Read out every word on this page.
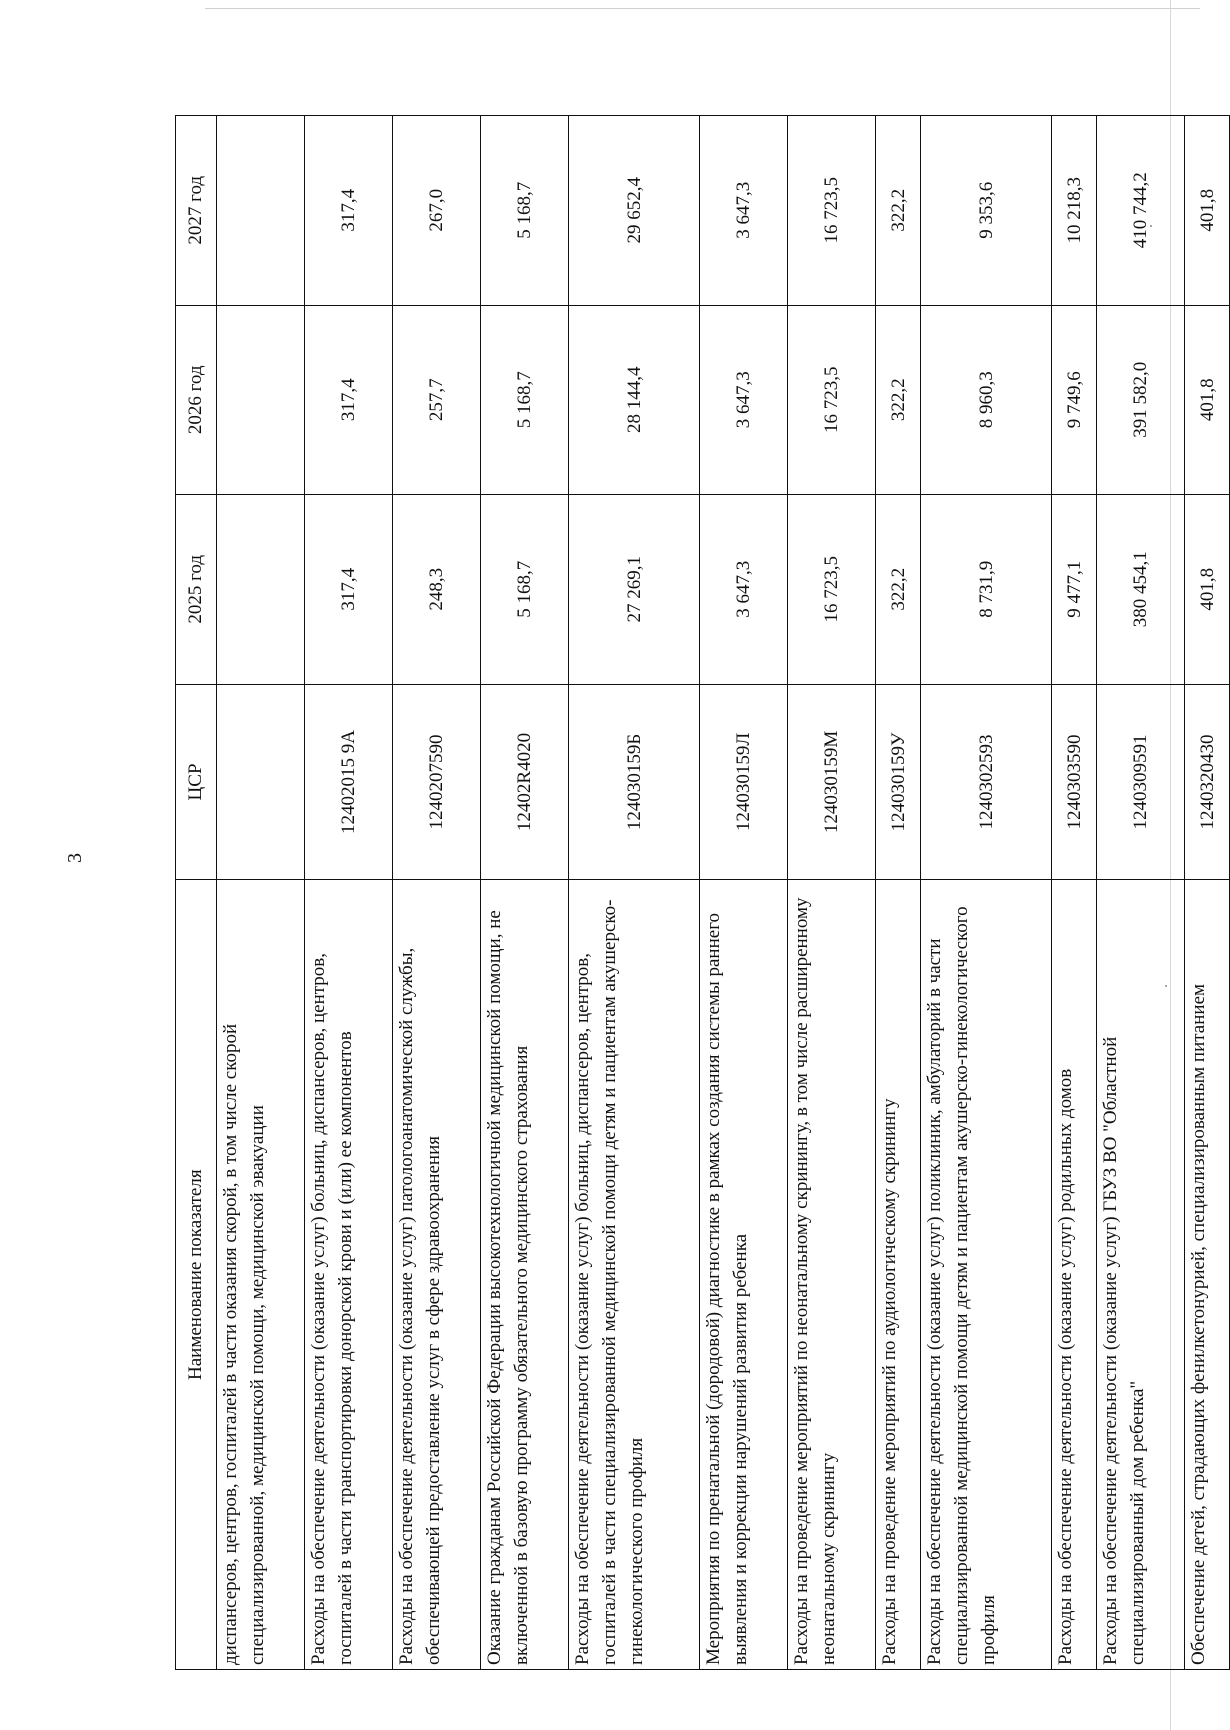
3
Наименование показателя	ЦСР	2025 год	2026 год	2027 год
диспансеров, центров, госпиталей в части оказания скорой, в том числе скорой специализированной, медицинской помощи, медицинской эвакуации				
Расходы на обеспечение деятельности (оказание услуг) больниц, диспансеров, центров, госпиталей в части транспортировки донорской крови и (или) ее компонентов	12402015 9А	317,4	317,4	317,4
Расходы на обеспечение деятельности (оказание услуг) патологоанатомической службы, обеспечивающей предоставление услуг в сфере здравоохранения	1240207590	248,3	257,7	267,0
Оказание гражданам Российской Федерации высокотехнологичной медицинской помощи, не включенной в базовую программу обязательного медицинского страхования	12402R4020	5 168,7	5 168,7	5 168,7
Расходы на обеспечение деятельности (оказание услуг) больниц, диспансеров, центров, госпиталей в части специализированной медицинской помощи детям и пациентам акушерско-гинекологического профиля	124030159Б	27 269,1	28 144,4	29 652,4
Мероприятия по пренатальной (дородовой) диагностике в рамках создания системы раннего выявления и коррекции нарушений развития ребенка	124030159Л	3 647,3	3 647,3	3 647,3
Расходы на проведение мероприятий по неонатальному скринингу, в том числе расширенному неонатальному скринингу	124030159М	16 723,5	16 723,5	16 723,5
Расходы на проведение мероприятий по аудиологическому скринингу	124030159У	322,2	322,2	322,2
Расходы на обеспечение деятельности (оказание услуг) поликлиник, амбулаторий в части специализированной медицинской помощи детям и пациентам акушерско-гинекологического профиля	1240302593	8 731,9	8 960,3	9 353,6
Расходы на обеспечение деятельности (оказание услуг) родильных домов	1240303590	9 477,1	9 749,6	10 218,3
Расходы на обеспечение деятельности (оказание услуг) ГБУЗ ВО "Областной специализированный дом ребенка"	1240309591	380 454,1	391 582,0	410 744,2
Обеспечение детей, страдающих фенилкетонурией, специализированным питанием	1240320430	401,8	401,8	401,8
